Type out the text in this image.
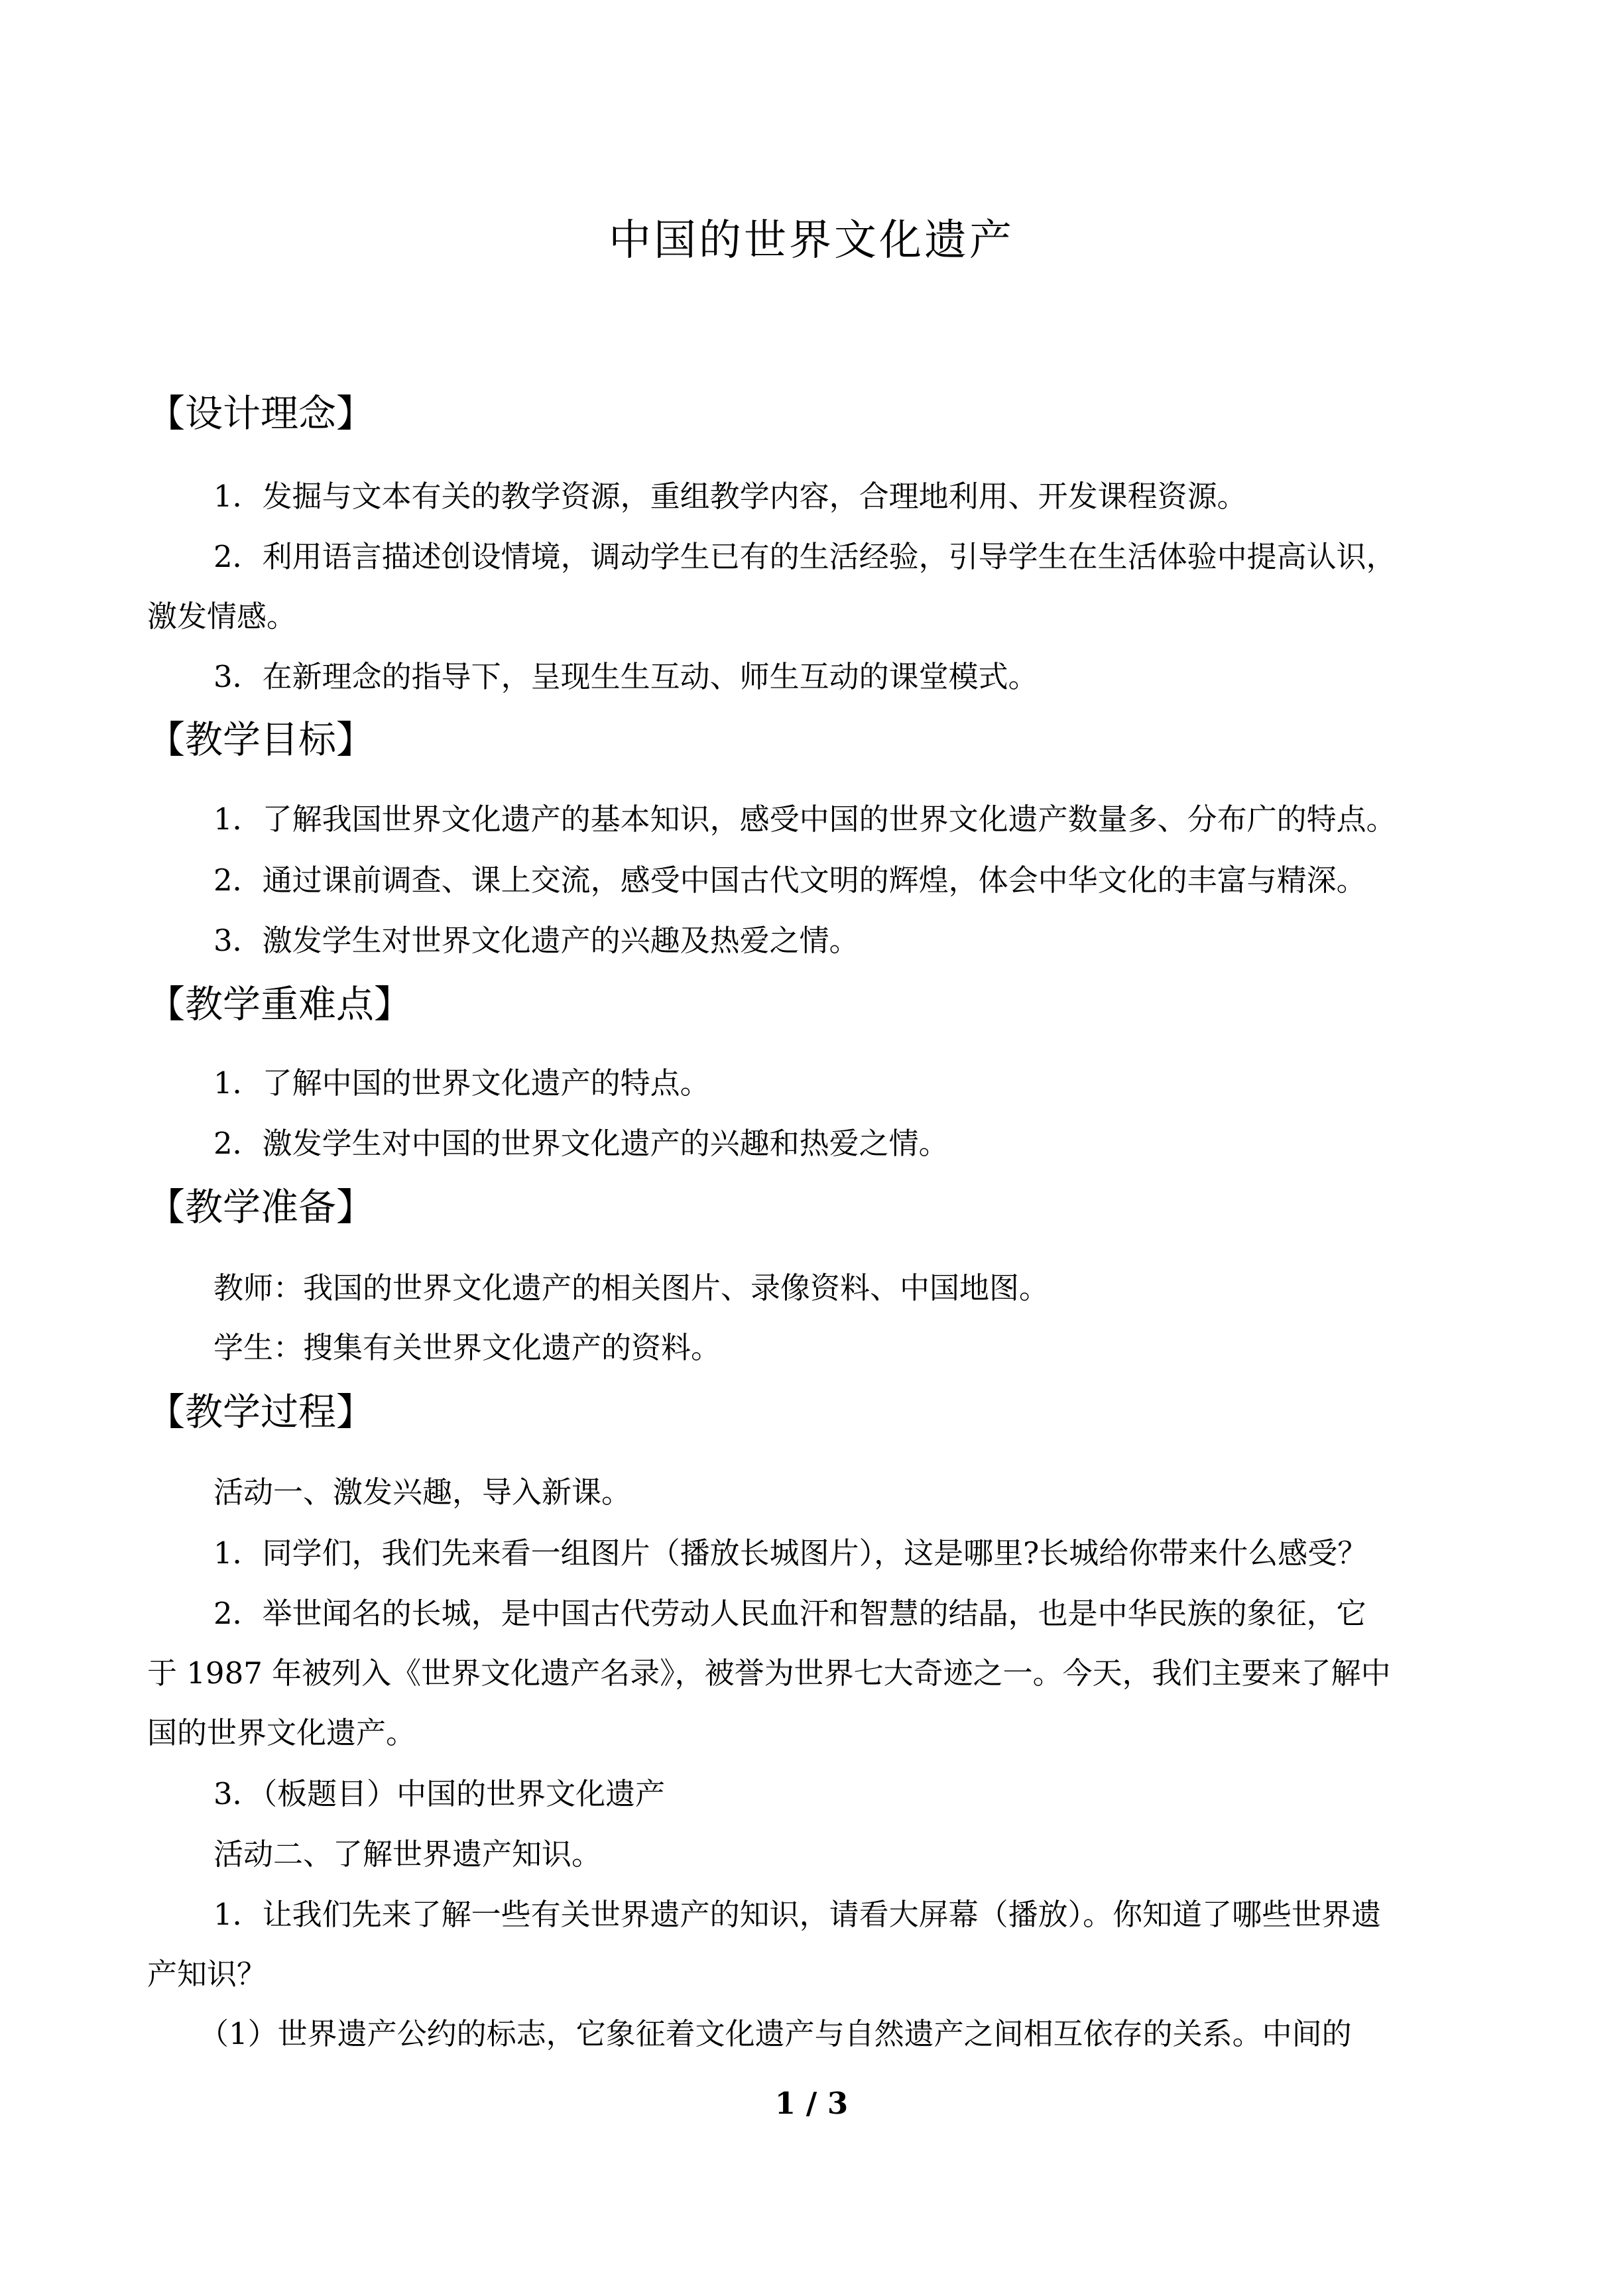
中国的世界文化遗产
【设计理念】
1．发掘与文本有关的教学资源，重组教学内容，合理地利用、开发课程资源。
2．利用语言描述创设情境，调动学生已有的生活经验，引导学生在生活体验中提高认识，
激发情感。
3．在新理念的指导下，呈现生生互动、师生互动的课堂模式。
【教学目标】
1．了解我国世界文化遗产的基本知识，感受中国的世界文化遗产数量多、分布广的特点。
2．通过课前调查、课上交流，感受中国古代文明的辉煌，体会中华文化的丰富与精深。
3．激发学生对世界文化遗产的兴趣及热爱之情。
【教学重难点】
1．了解中国的世界文化遗产的特点。
2．激发学生对中国的世界文化遗产的兴趣和热爱之情。
【教学准备】
教师：我国的世界文化遗产的相关图片、录像资料、中国地图。
学生：搜集有关世界文化遗产的资料。
【教学过程】
活动一、激发兴趣，导入新课。
1．同学们，我们先来看一组图片（播放长城图片），这是哪里?长城给你带来什么感受？
2．举世闻名的长城，是中国古代劳动人民血汗和智慧的结晶，也是中华民族的象征，它
于 1987 年被列入《世界文化遗产名录》，被誉为世界七大奇迹之一。今天，我们主要来了解中
国的世界文化遗产。
3．（板题目）中国的世界文化遗产
活动二、了解世界遗产知识。
1．让我们先来了解一些有关世界遗产的知识，请看大屏幕（播放）。你知道了哪些世界遗
产知识？
（1）世界遗产公约的标志，它象征着文化遗产与自然遗产之间相互依存的关系。中间的
1 / 3
